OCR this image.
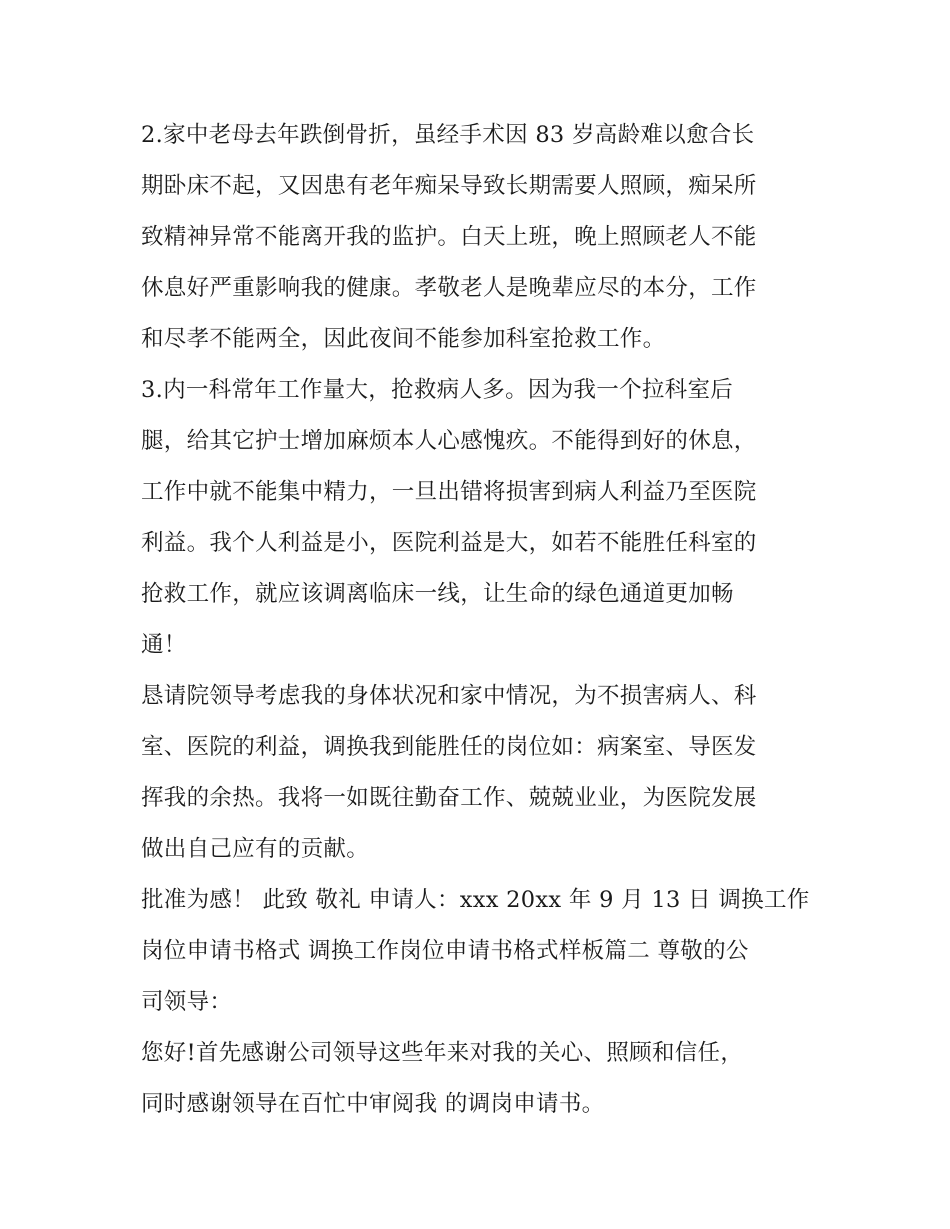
2.家中老母去年跌倒骨折，虽经手术因 83 岁高龄难以愈合长
期卧床不起，又因患有老年痴呆导致长期需要人照顾，痴呆所
致精神异常不能离开我的监护。白天上班，晚上照顾老人不能
休息好严重影响我的健康。孝敬老人是晚辈应尽的本分，工作
和尽孝不能两全，因此夜间不能参加科室抢救工作。
3.内一科常年工作量大，抢救病人多。因为我一个拉科室后
腿，给其它护士增加麻烦本人心感愧疚。不能得到好的休息，
工作中就不能集中精力，一旦出错将损害到病人利益乃至医院
利益。我个人利益是小，医院利益是大，如若不能胜任科室的
抢救工作，就应该调离临床一线，让生命的绿色通道更加畅
通！
恳请院领导考虑我的身体状况和家中情况，为不损害病人、科
室、医院的利益，调换我到能胜任的岗位如：病案室、导医发
挥我的余热。我将一如既往勤奋工作、兢兢业业，为医院发展
做出自己应有的贡献。
批准为感！ 此致 敬礼 申请人：xxx 20xx 年 9 月 13 日 调换工作
岗位申请书格式 调换工作岗位申请书格式样板篇二 尊敬的公
司领导：
您好!首先感谢公司领导这些年来对我的关心、照顾和信任，
同时感谢领导在百忙中审阅我 的调岗申请书。
